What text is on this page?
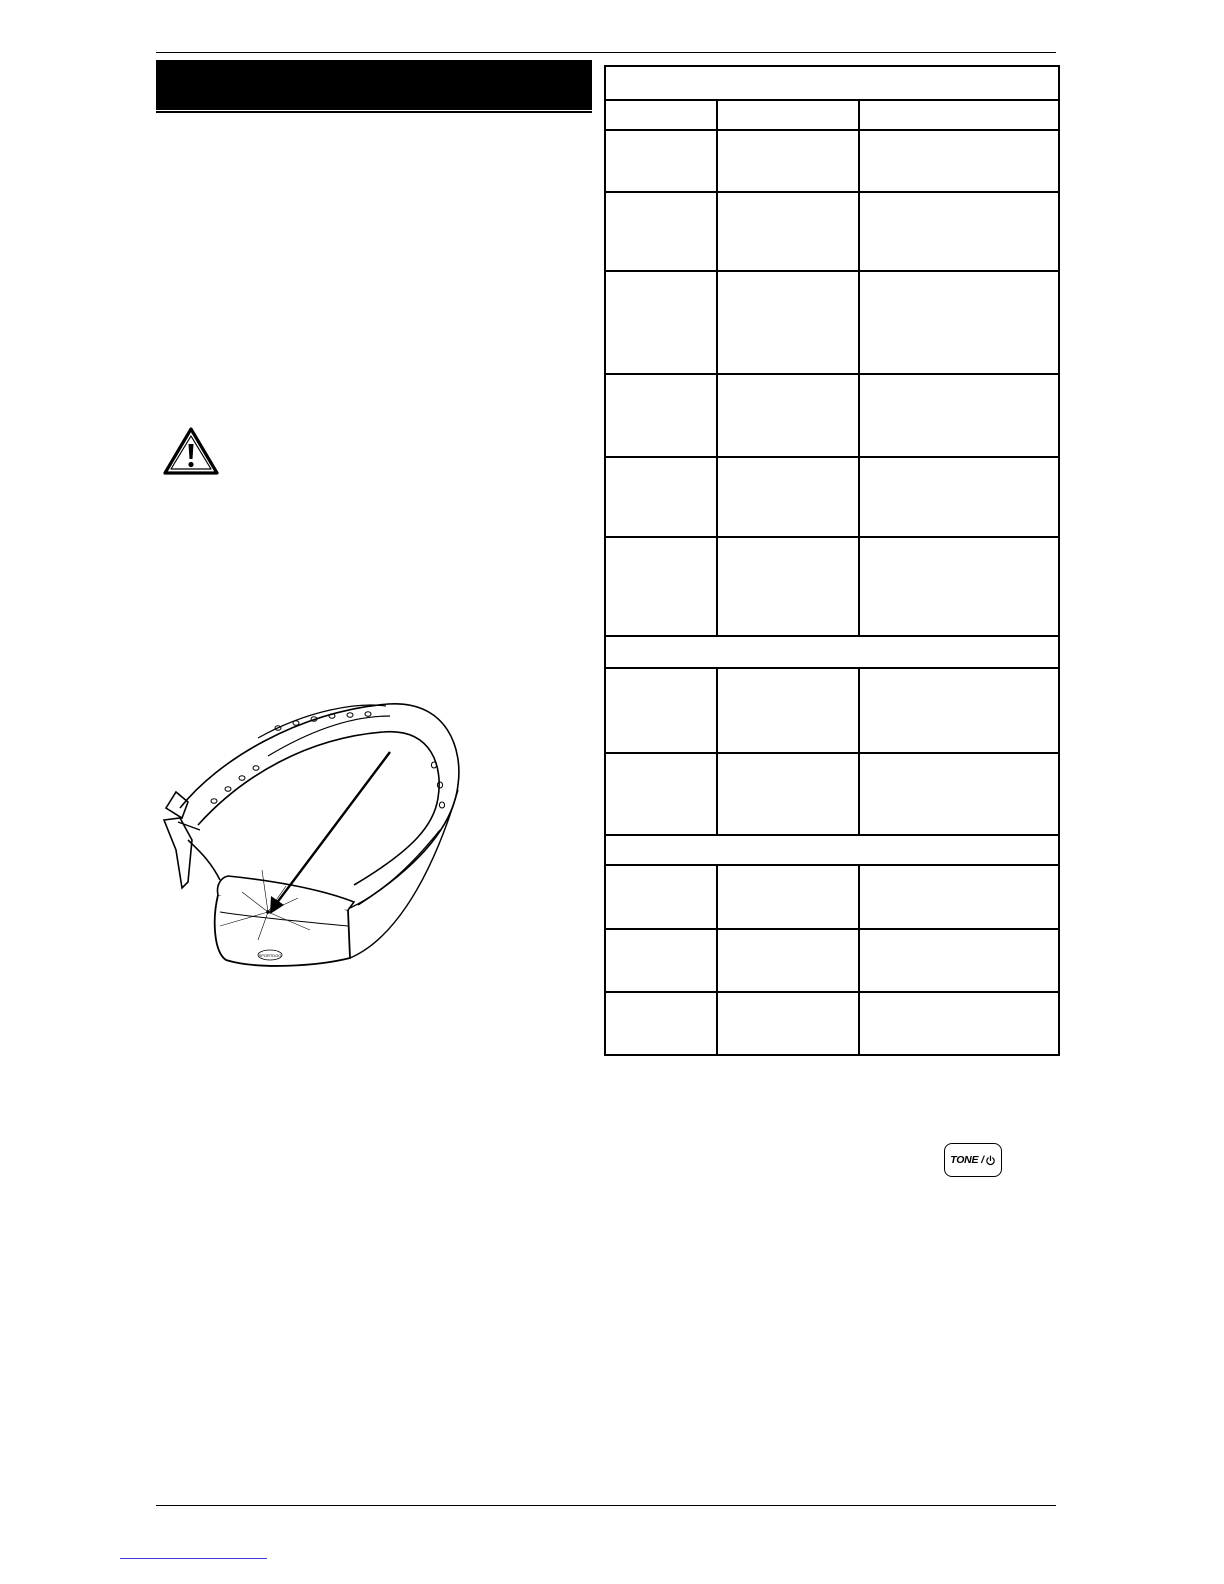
SPORTDOG
TONE /
